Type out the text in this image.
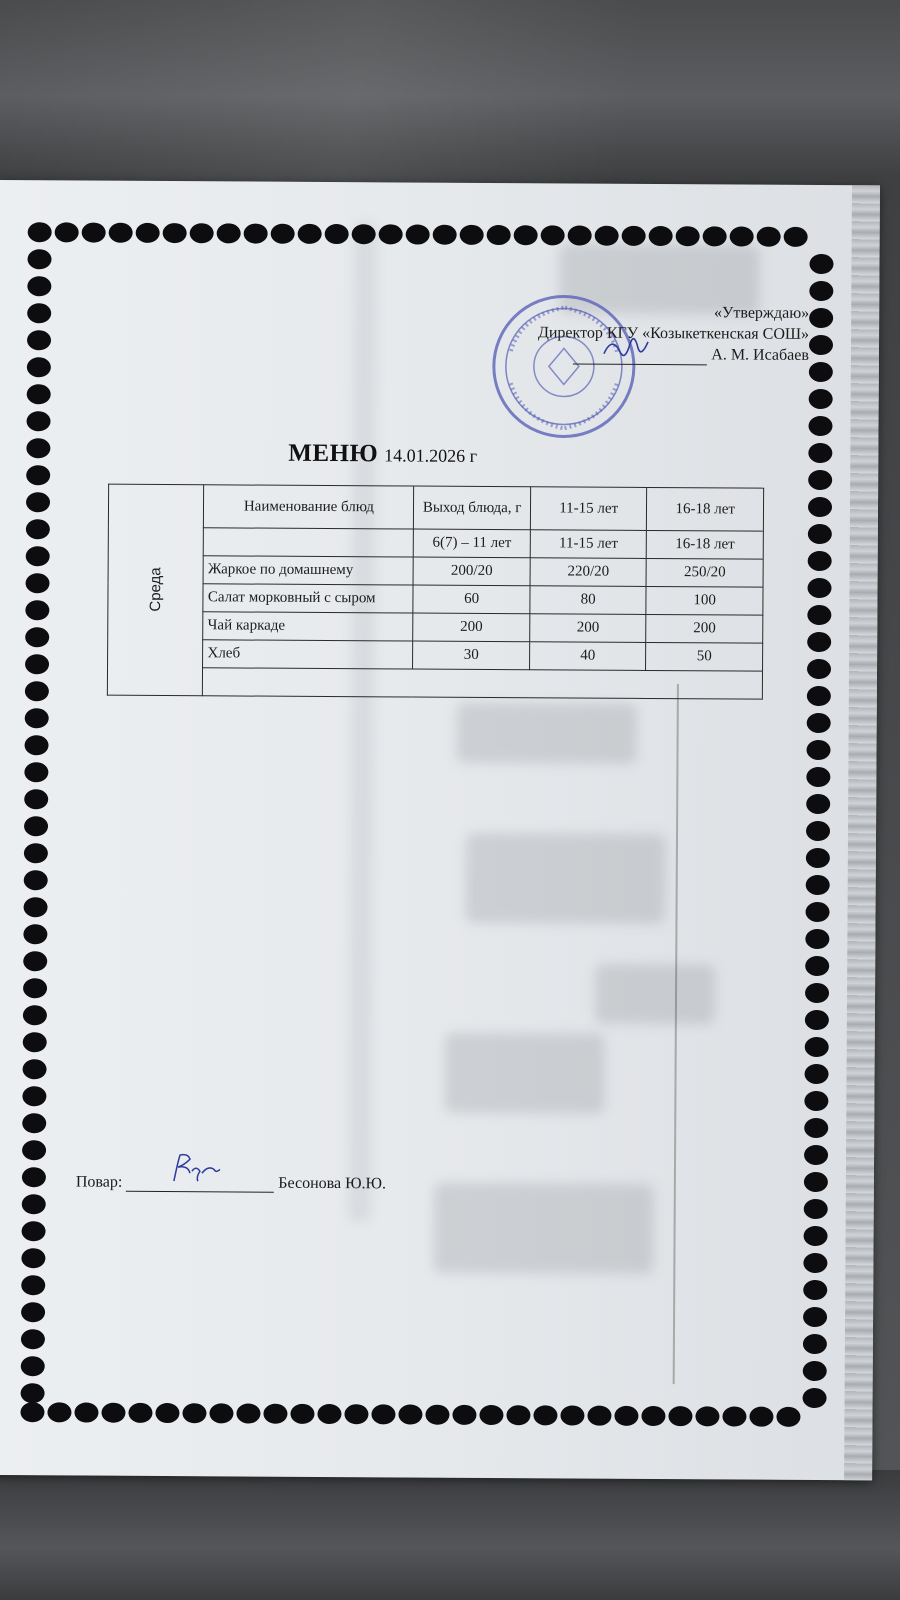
«Утверждаю»
Директор КГУ «Козыкеткенская СОШ»
А. М. Исабаев
МЕНЮ 14.01.2026 г
Среда	Наименование блюд	Выход блюда, г	11-15 лет	16-18 лет
		6(7) – 11 лет	11-15 лет	16-18 лет
	Жаркое по домашнему	200/20	220/20	250/20
	Салат морковный с сыром	60	80	100
	Чай каркаде	200	200	200
	Хлеб	30	40	50

Повар:	Бесонова Ю.Ю.
